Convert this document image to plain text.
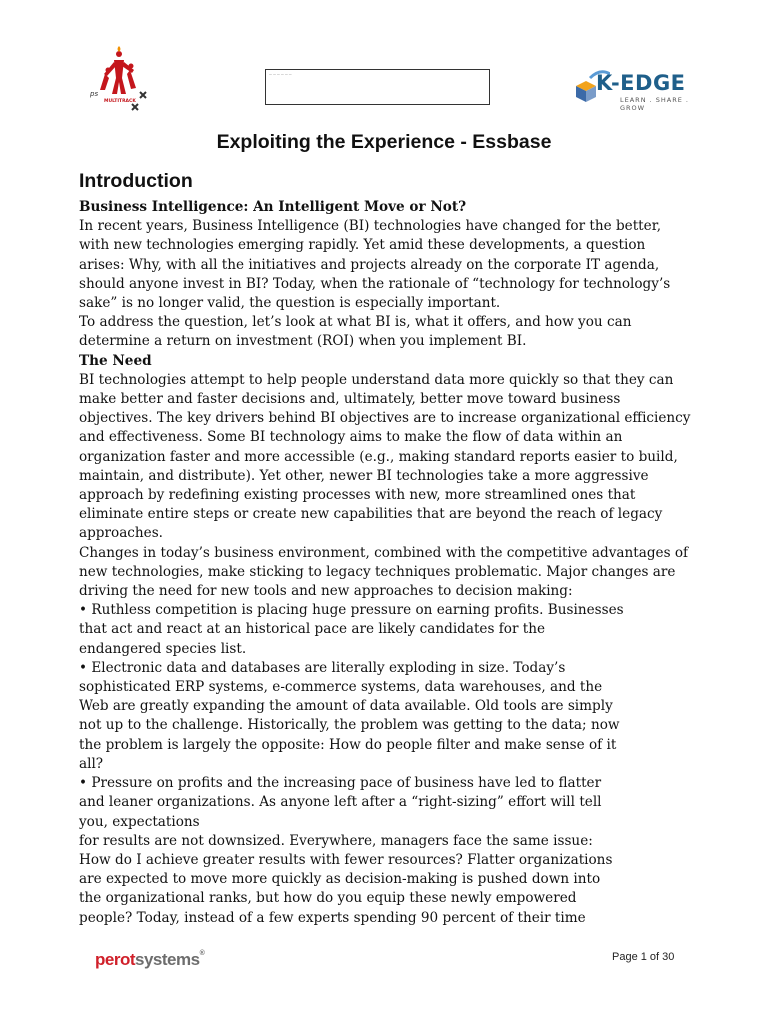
ps
MULTITRACK
— — — — — —	K-EDGE
LEARN . SHARE . GROW
Exploiting the Experience - Essbase
Introduction
Business Intelligence: An Intelligent Move or Not?
In recent years, Business Intelligence (BI) technologies have changed for the better,
with new technologies emerging rapidly. Yet amid these developments, a question
arises: Why, with all the initiatives and projects already on the corporate IT agenda,
should anyone invest in BI? Today, when the rationale of “technology for technology’s
sake” is no longer valid, the question is especially important.
To address the question, let’s look at what BI is, what it offers, and how you can
determine a return on investment (ROI) when you implement BI.
The Need
BI technologies attempt to help people understand data more quickly so that they can
make better and faster decisions and, ultimately, better move toward business
objectives. The key drivers behind BI objectives are to increase organizational efficiency
and effectiveness. Some BI technology aims to make the flow of data within an
organization faster and more accessible (e.g., making standard reports easier to build,
maintain, and distribute). Yet other, newer BI technologies take a more aggressive
approach by redefining existing processes with new, more streamlined ones that
eliminate entire steps or create new capabilities that are beyond the reach of legacy
approaches.
Changes in today’s business environment, combined with the competitive advantages of
new technologies, make sticking to legacy techniques problematic. Major changes are
driving the need for new tools and new approaches to decision making:
• Ruthless competition is placing huge pressure on earning profits. Businesses
that act and react at an historical pace are likely candidates for the
endangered species list.
• Electronic data and databases are literally exploding in size. Today’s
sophisticated ERP systems, e-commerce systems, data warehouses, and the
Web are greatly expanding the amount of data available. Old tools are simply
not up to the challenge. Historically, the problem was getting to the data; now
the problem is largely the opposite: How do people filter and make sense of it
all?
• Pressure on profits and the increasing pace of business have led to flatter
and leaner organizations. As anyone left after a “right-sizing” effort will tell
you, expectations
for results are not downsized. Everywhere, managers face the same issue:
How do I achieve greater results with fewer resources? Flatter organizations
are expected to move more quickly as decision-making is pushed down into
the organizational ranks, but how do you equip these newly empowered
people? Today, instead of a few experts spending 90 percent of their time
perotsystems®	Page 1 of 30
